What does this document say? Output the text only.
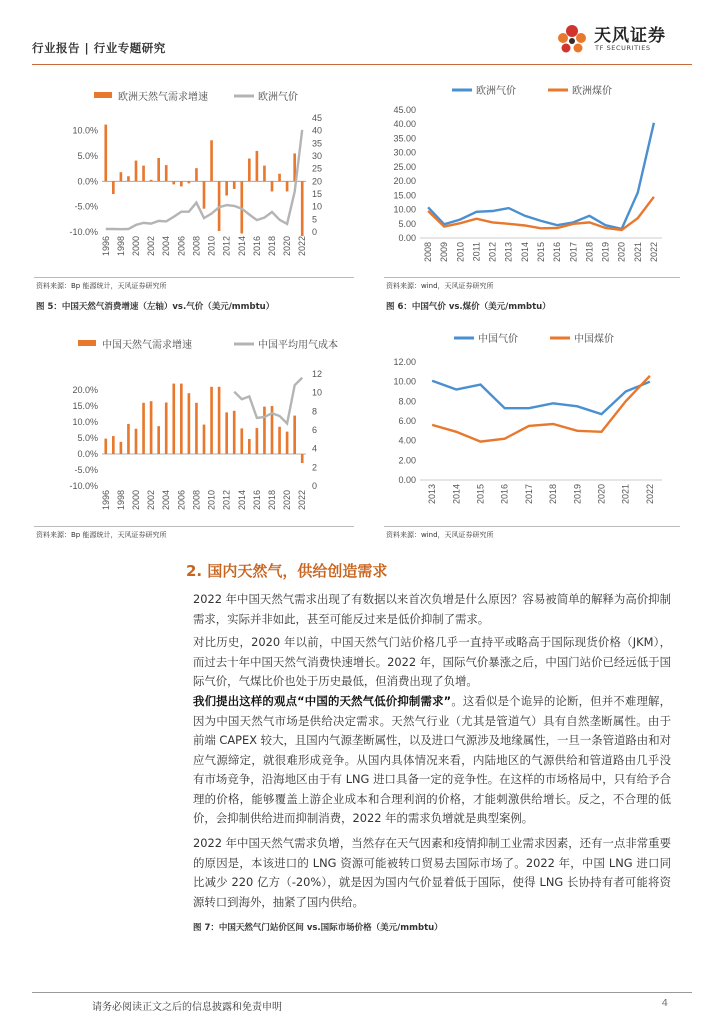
行业报告 | 行业专题研究
天风证券
TF SECURITIES
欧洲天然气需求增速	欧洲气价
10.0%
5.0%
0.0%
-5.0%
-10.0%
45
40
35
30
25
20
15
10
5
0
1996 1998 2000 2002 2004 2006 2008 2010 2012 2014 2016 2018 2020 2022
资料来源：Bp 能源统计，天风证券研究所
图 5：中国天然气消费增速（左轴）vs.气价（美元/mmbtu）
欧洲气价	欧洲煤价
45.00
40.00
35.00
30.00
25.00
20.00
15.00
10.00
5.00
0.00
2008 2009 2010 2011 2012 2013 2014 2015 2016 2017 2018 2019 2020 2021 2022
资料来源：wind，天风证券研究所
图 6：中国气价 vs.煤价（美元/mmbtu）
中国天然气需求增速	中国平均用气成本
20.0%
15.0%
10.0%
5.0%
0.0%
-5.0%
-10.0%
12
10
8
6
4
2
0
1996 1998 2000 2002 2004 2006 2008 2010 2012 2014 2016 2018 2020 2022
资料来源：Bp 能源统计，天风证券研究所
中国气价	中国煤价
12.00
10.00
8.00
6.00
4.00
2.00
0.00
2013 2014 2015 2016 2017 2018 2019 2020 2021 2022
资料来源：wind，天风证券研究所
2. 国内天然气，供给创造需求

2022 年中国天然气需求出现了有数据以来首次负增是什么原因？容易被简单的解释为高价抑制需求，实际并非如此，甚至可能反过来是低价抑制了需求。

对比历史，2020 年以前，中国天然气门站价格几乎一直持平或略高于国际现货价格（JKM），而过去十年中国天然气消费快速增长。2022 年，国际气价暴涨之后，中国门站价已经远低于国际气价，气煤比价也处于历史最低，但消费出现了负增。

我们提出这样的观点“中国的天然气低价抑制需求”。这看似是个诡异的论断，但并不难理解，因为中国天然气市场是供给决定需求。天然气行业（尤其是管道气）具有自然垄断属性。由于前端 CAPEX 较大，且国内气源垄断属性，以及进口气源涉及地缘属性，一旦一条管道路由和对应气源缔定，就很难形成竞争。从国内具体情况来看，内陆地区的气源供给和管道路由几乎没有市场竞争，沿海地区由于有 LNG 进口具备一定的竞争性。在这样的市场格局中，只有给予合理的价格，能够覆盖上游企业成本和合理利润的价格，才能刺激供给增长。反之，不合理的低价，会抑制供给进而抑制消费，2022 年的需求负增就是典型案例。

2022 年中国天然气需求负增，当然存在天气因素和疫情抑制工业需求因素，还有一点非常重要的原因是，本该进口的 LNG 资源可能被转口贸易去国际市场了。2022 年，中国 LNG 进口同比减少 220 亿方（-20%），就是因为国内气价显着低于国际，使得 LNG 长协持有者可能将资源转口到海外，抽紧了国内供给。

图 7：中国天然气门站价区间 vs.国际市场价格（美元/mmbtu）
请务必阅读正文之后的信息披露和免责申明	4
